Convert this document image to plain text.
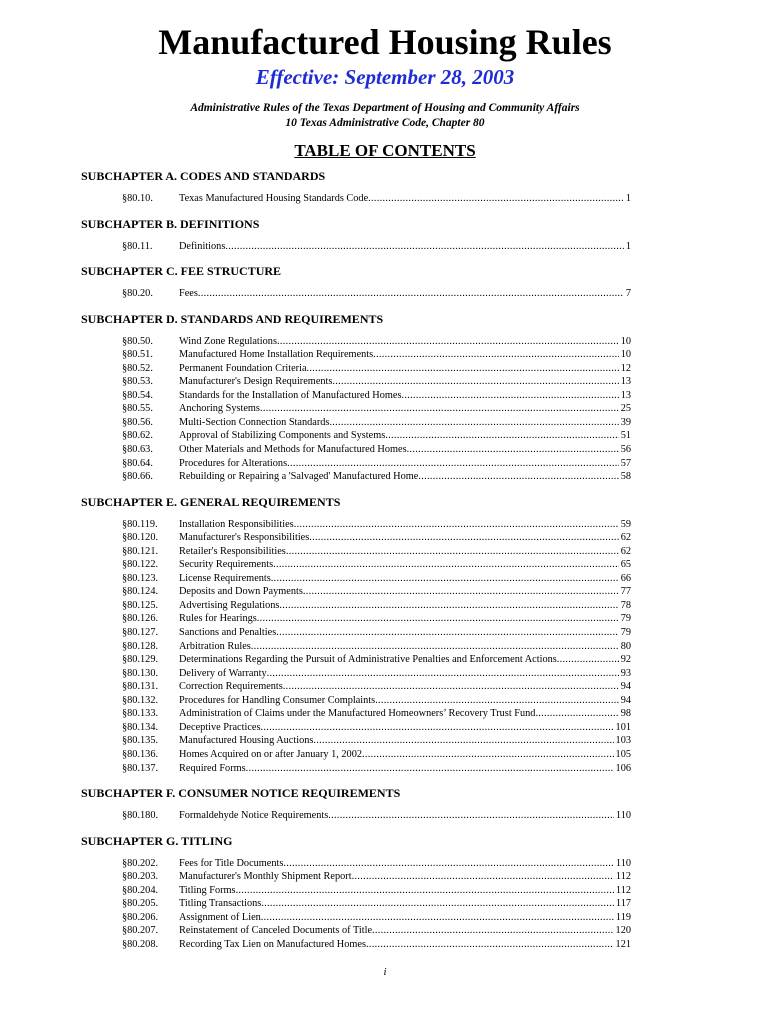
Manufactured Housing Rules
Effective: September 28, 2003
Administrative Rules of the Texas Department of Housing and Community Affairs
10 Texas Administrative Code, Chapter 80
TABLE OF CONTENTS
SUBCHAPTER A. CODES AND STANDARDS
§80.10.	Texas Manufactured Housing Standards Code .....	1
SUBCHAPTER B. DEFINITIONS
§80.11.	Definitions .....	1
SUBCHAPTER C. FEE STRUCTURE
§80.20.	Fees .....	7
SUBCHAPTER D. STANDARDS AND REQUIREMENTS
§80.50.	Wind Zone Regulations .....	10
§80.51.	Manufactured Home Installation Requirements .....	10
§80.52.	Permanent Foundation Criteria .....	12
§80.53.	Manufacturer's Design Requirements .....	13
§80.54.	Standards for the Installation of Manufactured Homes .....	13
§80.55.	Anchoring Systems .....	25
§80.56.	Multi-Section Connection Standards .....	39
§80.62.	Approval of Stabilizing Components and Systems .....	51
§80.63.	Other Materials and Methods for Manufactured Homes .....	56
§80.64.	Procedures for Alterations .....	57
§80.66.	Rebuilding or Repairing a 'Salvaged' Manufactured Home .....	58
SUBCHAPTER E. GENERAL REQUIREMENTS
§80.119.	Installation Responsibilities .....	59
§80.120.	Manufacturer's Responsibilities .....	62
§80.121.	Retailer's Responsibilities .....	62
§80.122.	Security Requirements .....	65
§80.123.	License Requirements .....	66
§80.124.	Deposits and Down Payments .....	77
§80.125.	Advertising Regulations .....	78
§80.126.	Rules for Hearings .....	79
§80.127.	Sanctions and Penalties .....	79
§80.128.	Arbitration Rules .....	80
§80.129.	Determinations Regarding the Pursuit of Administrative Penalties and Enforcement Actions .....	92
§80.130.	Delivery of Warranty .....	93
§80.131.	Correction Requirements .....	94
§80.132.	Procedures for Handling Consumer Complaints .....	94
§80.133.	Administration of Claims under the Manufactured Homeowners’ Recovery Trust Fund .....	98
§80.134.	Deceptive Practices .....	101
§80.135.	Manufactured Housing Auctions .....	103
§80.136.	Homes Acquired on or after January 1, 2002 .....	105
§80.137.	Required Forms .....	106
SUBCHAPTER F. CONSUMER NOTICE REQUIREMENTS
§80.180.	Formaldehyde Notice Requirements .....	110
SUBCHAPTER G. TITLING
§80.202.	Fees for Title Documents .....	110
§80.203.	Manufacturer's Monthly Shipment Report .....	112
§80.204.	Titling Forms .....	112
§80.205.	Titling Transactions .....	117
§80.206.	Assignment of Lien .....	119
§80.207.	Reinstatement of Canceled Documents of Title .....	120
§80.208.	Recording Tax Lien on Manufactured Homes .....	121
i
